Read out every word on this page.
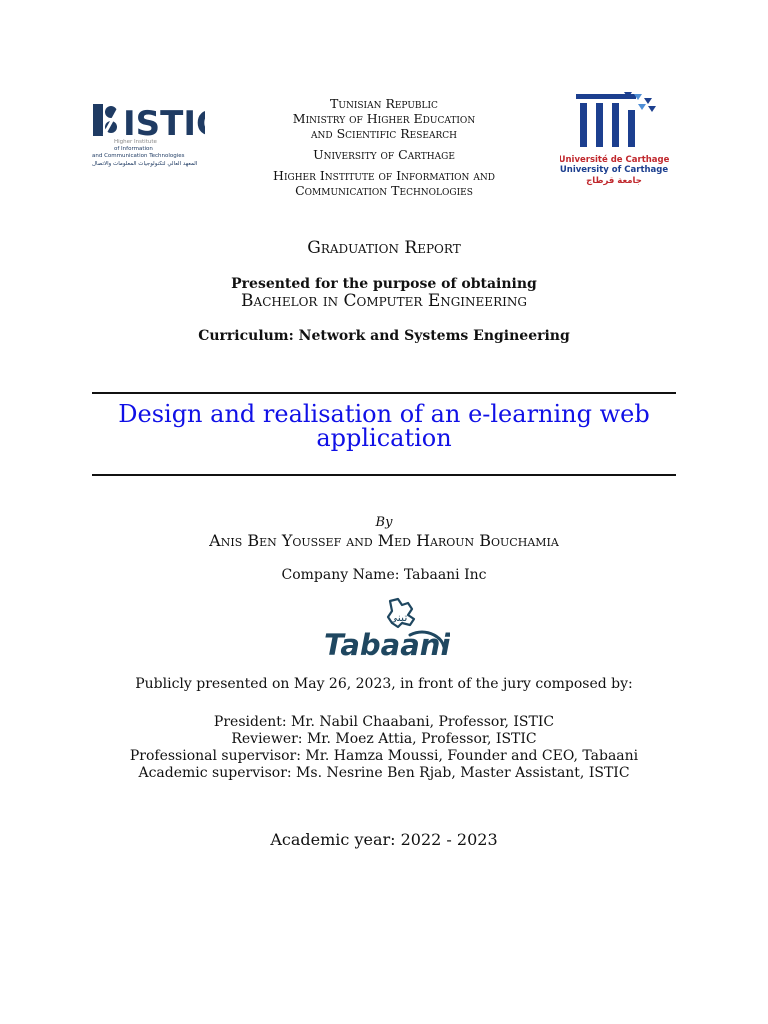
ISTI
Higher Institute
of Information
and Communication Technologies
المعهد العالي لتكنولوجيات المعلومات والاتصال
Tunisian Republic
Ministry of Higher Education
and Scientific Research
University of Carthage
Higher Institute of Information and
Communication Technologies
Université de Carthage
University of Carthage
جامعة قرطاج
Graduation Report
Presented for the purpose of obtaining
Bachelor in Computer Engineering
Curriculum: Network and Systems Engineering
Design and realisation of an e-learning web
application
By
Anis Ben Youssef and Med Haroun Bouchamia
Company Name: Tabaani Inc
تبني
Tabaani
Publicly presented on May 26, 2023, in front of the jury composed by:
President: Mr. Nabil Chaabani, Professor, ISTIC
Reviewer: Mr. Moez Attia, Professor, ISTIC
Professional supervisor: Mr. Hamza Moussi, Founder and CEO, Tabaani
Academic supervisor: Ms. Nesrine Ben Rjab, Master Assistant, ISTIC
Academic year: 2022 - 2023
